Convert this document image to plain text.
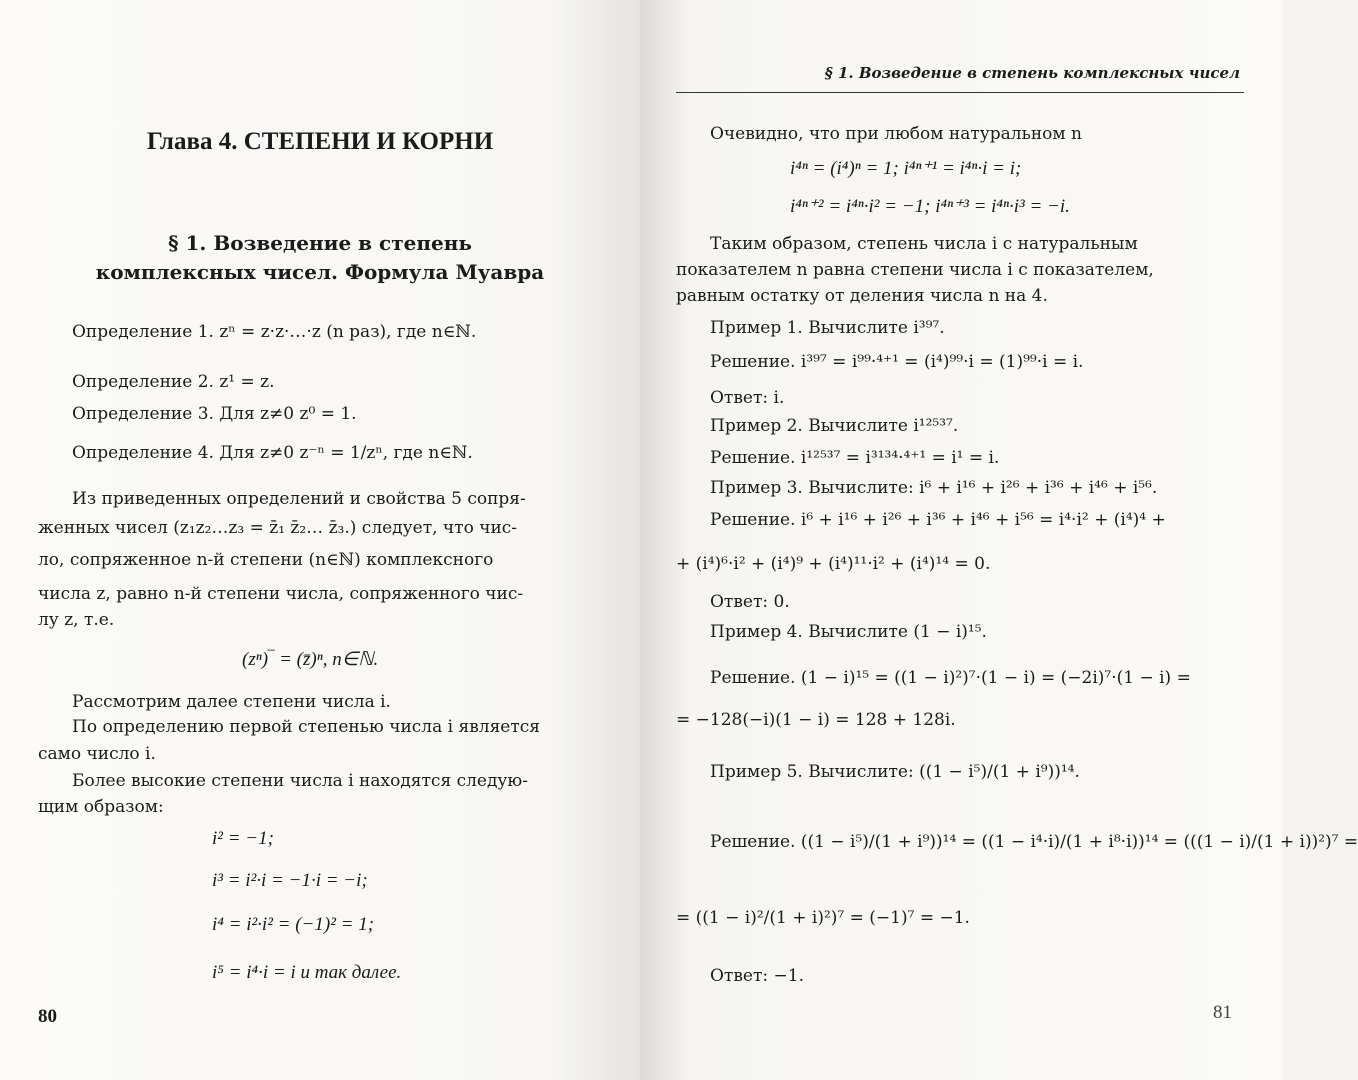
Глава 4. СТЕПЕНИ И КОРНИ
§ 1. Возведение в степень
комплексных чисел. Формула Муавра
Определение 1. zⁿ = z·z·…·z (n раз), где n∈ℕ.
Определение 2. z¹ = z.
Определение 3. Для z≠0 z⁰ = 1.
Определение 4. Для z≠0 z⁻ⁿ = 1/zⁿ, где n∈ℕ.
Из приведенных определений и свойства 5 сопря-
женных чисел (z₁z₂…z₃ = z̄₁ z̄₂… z̄₃.) следует, что чис-
ло, сопряженное n-й степени (n∈ℕ) комплексного
числа z, равно n-й степени числа, сопряженного чис-
лу z, т.е.
(zⁿ)‾ = (z̄)ⁿ, n∈ℕ.
Рассмотрим далее степени числа i.
По определению первой степенью числа i является
само число i.
Более высокие степени числа i находятся следую-
щим образом:
i² = −1;
i³ = i²·i = −1·i = −i;
i⁴ = i²·i² = (−1)² = 1;
i⁵ = i⁴·i = i и так далее.
80
§ 1. Возведение в степень комплексных чисел
Очевидно, что при любом натуральном n
i⁴ⁿ = (i⁴)ⁿ = 1; i⁴ⁿ⁺¹ = i⁴ⁿ·i = i;
i⁴ⁿ⁺² = i⁴ⁿ·i² = −1; i⁴ⁿ⁺³ = i⁴ⁿ·i³ = −i.
Таким образом, степень числа i с натуральным
показателем n равна степени числа i с показателем,
равным остатку от деления числа n на 4.
Пример 1. Вычислите i³⁹⁷.
Решение. i³⁹⁷ = i⁹⁹·⁴⁺¹ = (i⁴)⁹⁹·i = (1)⁹⁹·i = i.
Ответ: i.
Пример 2. Вычислите i¹²⁵³⁷.
Решение. i¹²⁵³⁷ = i³¹³⁴·⁴⁺¹ = i¹ = i.
Пример 3. Вычислите: i⁶ + i¹⁶ + i²⁶ + i³⁶ + i⁴⁶ + i⁵⁶.
Решение. i⁶ + i¹⁶ + i²⁶ + i³⁶ + i⁴⁶ + i⁵⁶ = i⁴·i² + (i⁴)⁴ +
+ (i⁴)⁶·i² + (i⁴)⁹ + (i⁴)¹¹·i² + (i⁴)¹⁴ = 0.
Ответ: 0.
Пример 4. Вычислите (1 − i)¹⁵.
Решение. (1 − i)¹⁵ = ((1 − i)²)⁷·(1 − i) = (−2i)⁷·(1 − i) =
= −128(−i)(1 − i) = 128 + 128i.
Пример 5. Вычислите: ((1 − i⁵)/(1 + i⁹))¹⁴.
Решение. ((1 − i⁵)/(1 + i⁹))¹⁴ = ((1 − i⁴·i)/(1 + i⁸·i))¹⁴ = (((1 − i)/(1 + i))²)⁷ =
= ((1 − i)²/(1 + i)²)⁷ = (−1)⁷ = −1.
Ответ: −1.
81
